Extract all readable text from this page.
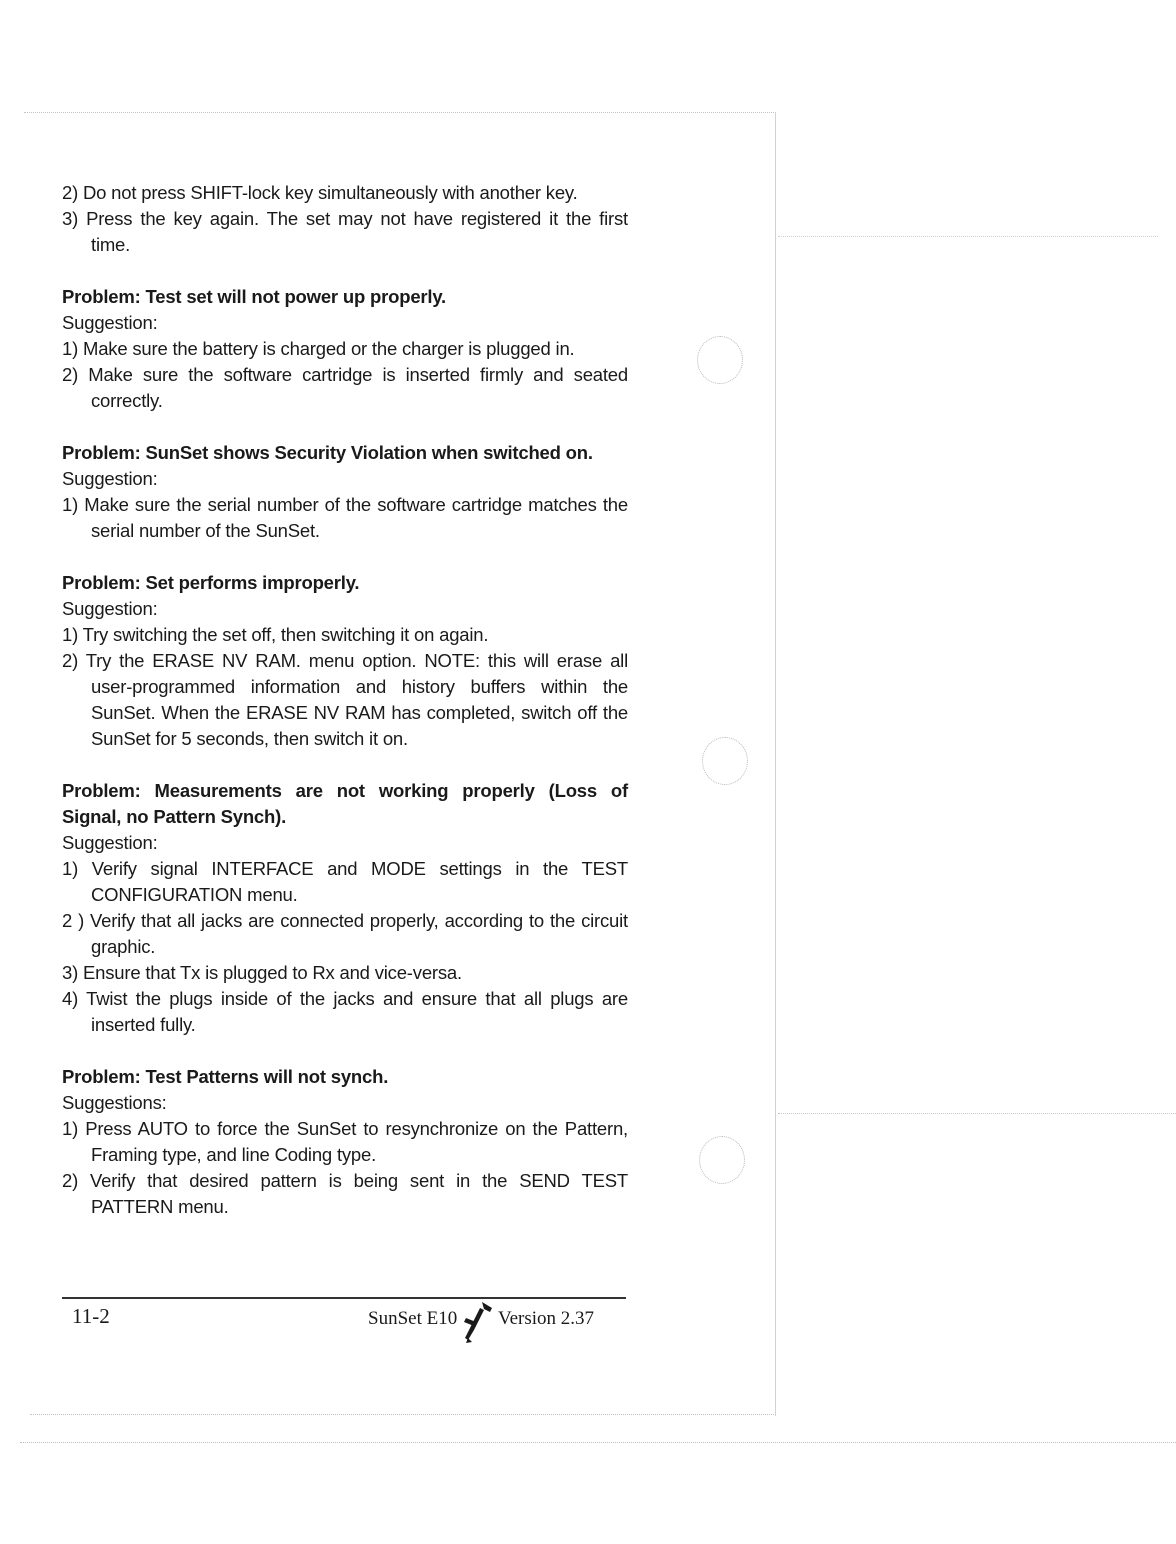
2) Do not press SHIFT-lock key simultaneously with another key.

3) Press the key again. The set may not have registered it the first time.

Problem: Test set will not power up properly.

Suggestion:

1) Make sure the battery is charged or the charger is plugged in.

2) Make sure the software cartridge is inserted firmly and seated correctly.

Problem: SunSet shows Security Violation when switched on.

Suggestion:

1) Make sure the serial number of the software cartridge matches the serial number of the SunSet.

Problem: Set performs improperly.

Suggestion:

1) Try switching the set off, then switching it on again.

2) Try the ERASE NV RAM. menu option. NOTE: this will erase all user-programmed information and history buffers within the SunSet. When the ERASE NV RAM has completed, switch off the SunSet for 5 seconds, then switch it on.

Problem: Measurements are not working properly (Loss of Signal, no Pattern Synch).

Suggestion:

1) Verify signal INTERFACE and MODE settings in the TEST CONFIGURATION menu.

2 ) Verify that all jacks are connected properly, according to the circuit graphic.

3) Ensure that Tx is plugged to Rx and vice-versa.

4) Twist the plugs inside of the jacks and ensure that all plugs are inserted fully.

Problem: Test Patterns will not synch.

Suggestions:

1) Press AUTO to force the SunSet to resynchronize on the Pattern, Framing type, and line Coding type.

2) Verify that desired pattern is being sent in the SEND TEST PATTERN menu.

11-2	SunSet E10 Version 2.37
